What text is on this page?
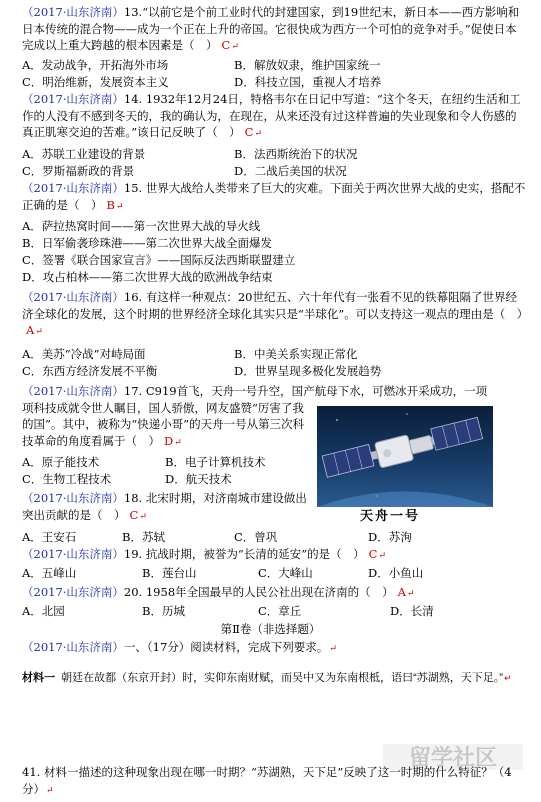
（2017·山东济南）13.“以前它是个前工业时代的封建国家，到19世纪末，新日本——西方影响和日本传统的混合物——成为一个正在上升的帝国。它很快成为西方一个可怕的竞争对手。”促使日本完成以上重大跨越的根本因素是（　） C↵
A．发动战争，开拓海外市场	B．解放奴隶，维护国家统一
C．明治维新，发展资本主义	D．科技立国，重视人才培养
（2017·山东济南）14. 1932年12月24日，特格韦尔在日记中写道：“这个冬天，在纽约生活和工作的人没有不感到冬天的，我的确认为，在现在，从来还没有过这样普遍的失业现象和令人伤感的真正肌寒交迫的苦难。”该日记反映了（　） C↵
A．苏联工业建设的背景	B．法西斯统治下的状况
C．罗斯福新政的背景	D．二战后美国的状况
（2017·山东济南）15. 世界大战给人类带来了巨大的灾难。下面关于两次世界大战的史实，搭配不正确的是（　） B↵
A．萨拉热窝时间——第一次世界大战的导火线
B．日军偷袭珍珠港——第二次世界大战全面爆发
C．签署《联合国家宣言》——国际反法西斯联盟建立
D．攻占柏林——第二次世界大战的欧洲战争结束
（2017·山东济南）16. 有这样一种观点：20世纪五、六十年代有一张看不见的铁幕阻隔了世界经济全球化的发展，这个时期的世界经济全球化其实只是“半球化”。可以支持这一观点的理由是（　）A↵
A．美苏“冷战”对峙局面	B．中美关系实现正常化
C．东西方经济发展不平衡	D．世界呈现多极化发展趋势
（2017·山东济南）17. C919首飞，天舟一号升空，国产航母下水，可燃冰开采成功，一项
项科技成就令世人瞩目，国人骄傲，网友盛赞“厉害了我的国”。其中，被称为“快递小哥”的天舟一号从第三次科技革命的角度看属于（　） D↵
A．原子能技术	B．电子计算机技术
C．生物工程技术	D．航天技术
天舟一号
（2017·山东济南）18. 北宋时期，对济南城市建设做出突出贡献的是（　） C↵
A．王安石	B．苏轼	C．曾巩	D．苏洵
（2017·山东济南）19. 抗战时期，被誉为“长清的延安”的是（　） C↵
A．五峰山	B．莲台山	C．大峰山	D．小鱼山
（2017·山东济南）20. 1958年全国最早的人民公社出现在济南的（　） A↵
A．北园	B．历城	C．章丘	D．长清
第Ⅱ卷（非选择题）
（2017·山东济南）一、（17分）阅读材料，完成下列要求。↵
材料一 朝廷在故都（东京开封）时，实仰东南财赋，而吴中又为东南根柢，语曰“苏湖熟，天下足。”↵
留学社区
41. 材料一描述的这种现象出现在哪一时期？“苏湖熟，天下足”反映了这一时期的什么特征？（4分）↵
